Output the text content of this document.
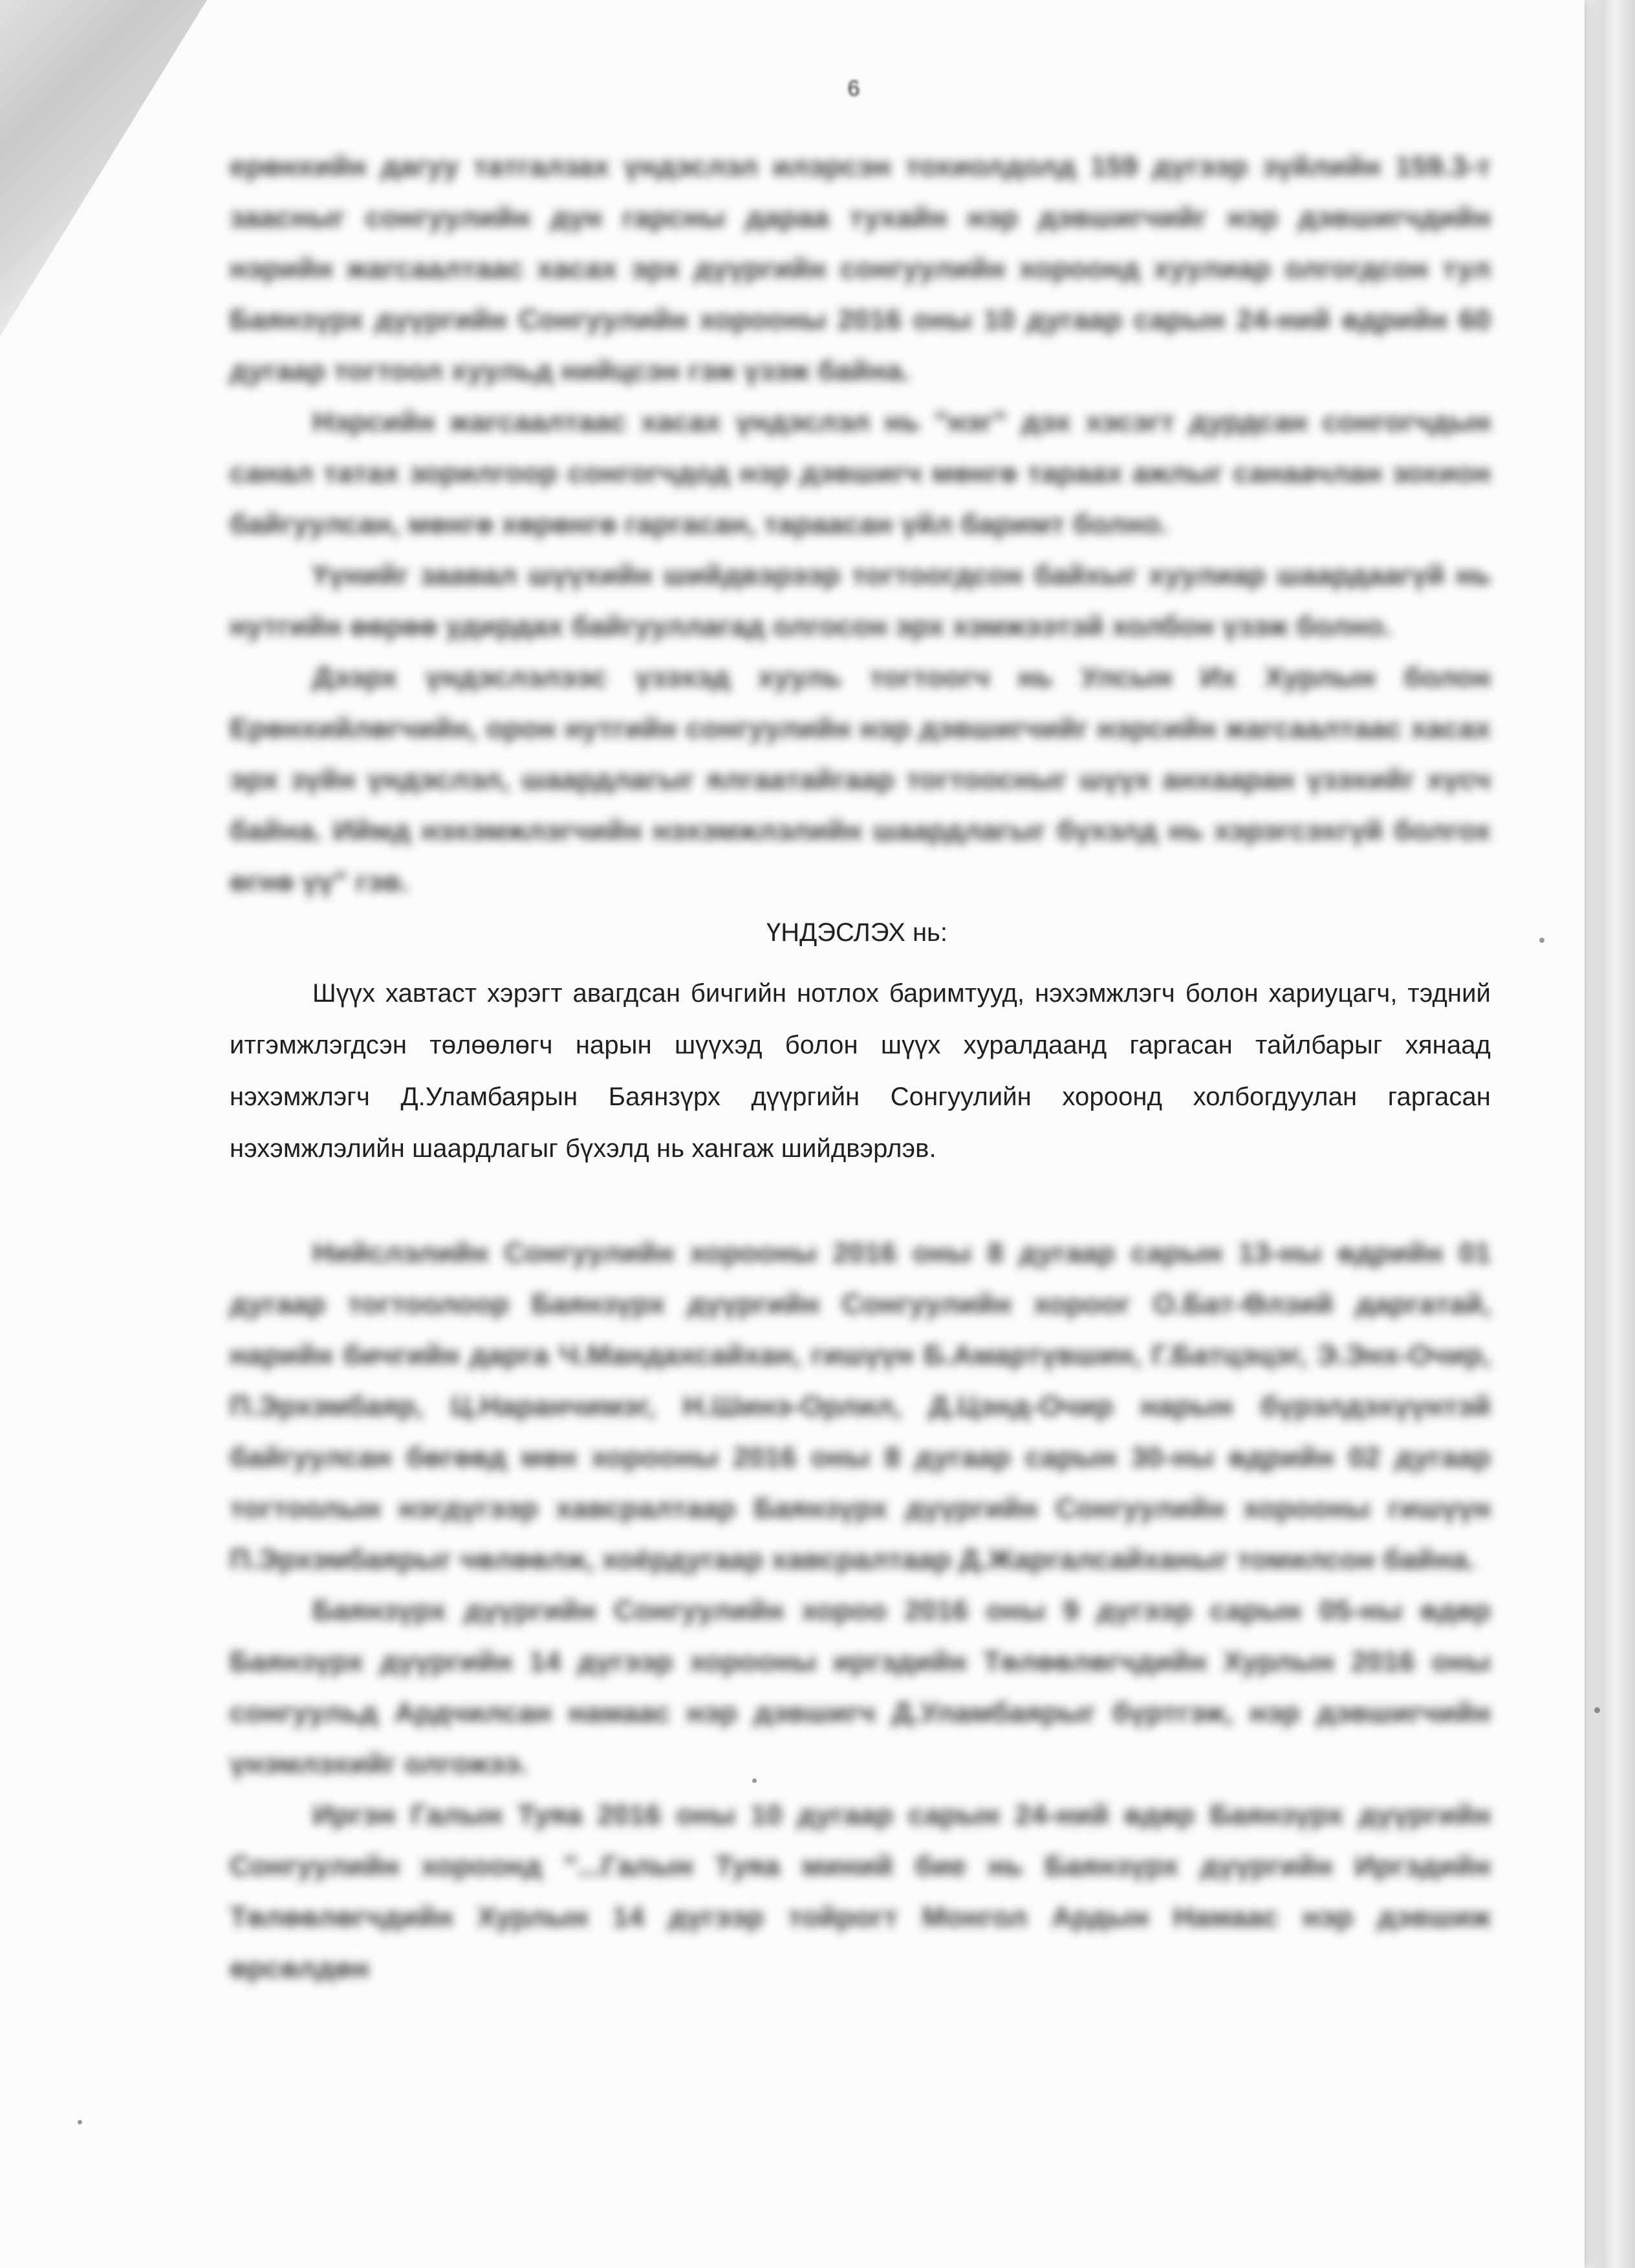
6

ерөнхийн дагуу татгалзах үндэслэл илэрсэн тохиолдолд 159 дүгээр зүйлийн 159.3-т заасныг сонгуулийн дүн гарсны дараа тухайн нэр дэвшигчийг нэр дэвшигчдийн нэрийн жагсаалтаас хасах эрх дүүргийн сонгуулийн хороонд хуулиар олгогдсон тул Баянзүрх дүүргийн Сонгуулийн хорооны 2016 оны 10 дугаар сарын 24-ний өдрийн 60 дугаар тогтоол хуульд нийцсэн гэж үзэж байна.

Нэрсийн жагсаалтаас хасах үндэслэл нь "нэг" дэх хэсэгт дурдсан сонгогчдын санал татах зорилгоор сонгогчдод нэр дэвшигч мөнгө тараах ажлыг санаачлан зохион байгуулсан, мөнгө хөрөнгө гаргасан, тараасан үйл баримт болно.

Үүнийг заавал шүүхийн шийдвэрээр тогтоогдсон байхыг хуулиар шаардаагүй нь нутгийн өөрөө удирдах байгууллагад олгосон эрх хэмжээтэй холбон үзэж болно.

Дээрх үндэслэлээс үзэхэд хууль тогтоогч нь Улсын Их Хурлын болон Ерөнхийлөгчийн, орон нутгийн сонгуулийн нэр дэвшигчийг нэрсийн жагсаалтаас хасах эрх зүйн үндэслэл, шаардлагыг ялгаатайгаар тогтоосныг шүүх анхааран үзэхийг хүсч байна. Иймд нэхэмжлэгчийн нэхэмжлэлийн шаардлагыг бүхэлд нь хэрэгсэхгүй болгох өгнө үү" гэв.

ҮНДЭСЛЭХ нь:

Шүүх хавтаст хэрэгт авагдсан бичгийн нотлох баримтууд, нэхэмжлэгч болон хариуцагч, тэдний итгэмжлэгдсэн төлөөлөгч нарын шүүхэд болон шүүх хуралдаанд гаргасан тайлбарыг хянаад нэхэмжлэгч Д.Уламбаярын Баянзүрх дүүргийн Сонгуулийн хороонд холбогдуулан гаргасан нэхэмжлэлийн шаардлагыг бүхэлд нь хангаж шийдвэрлэв.

Нийслэлийн Сонгуулийн хорооны 2016 оны 8 дугаар сарын 13-ны өдрийн 01 дугаар тогтоолоор Баянзүрх дүүргийн Сонгуулийн хороог О.Бат-Өлзий даргатай, нарийн бичгийн дарга Ч.Мандахсайхан, гишүүн Б.Амартүвшин, Г.Батцэцэг, Э.Энх-Очир, П.Эрхэмбаяр, Ц.Наранчимэг, Н.Шинэ-Орлил, Д.Цэнд-Очир нарын бүрэлдэхүүнтэй байгуулсан бөгөөд мөн хорооны 2016 оны 8 дугаар сарын 30-ны өдрийн 02 дугаар тогтоолын нэгдүгээр хавсралтаар Баянзүрх дүүргийн Сонгуулийн хорооны гишүүн П.Эрхэмбаярыг чөлөөлж, хоёрдугаар хавсралтаар Д.Жаргалсайханыг томилсон байна.

Баянзүрх дүүргийн Сонгуулийн хороо 2016 оны 9 дүгээр сарын 05-ны өдөр Баянзүрх дүүргийн 14 дүгээр хорооны иргэдийн Төлөөлөгчдийн Хурлын 2016 оны сонгуульд Ардчилсан намаас нэр дэвшигч Д.Уламбаярыг бүртгэж, нэр дэвшигчийн үнэмлэхийг олгожээ.

Иргэн Галын Туяа 2016 оны 10 дугаар сарын 24-ний өдөр Баянзүрх дүүргийн Сонгуулийн хороонд "...Галын Туяа миний бие нь Баянзүрх дүүргийн Иргэдийн Төлөөлөгчдийн Хурлын 14 дүгээр тойрогт Монгол Ардын Намаас нэр дэвшиж өрсөлдөн
